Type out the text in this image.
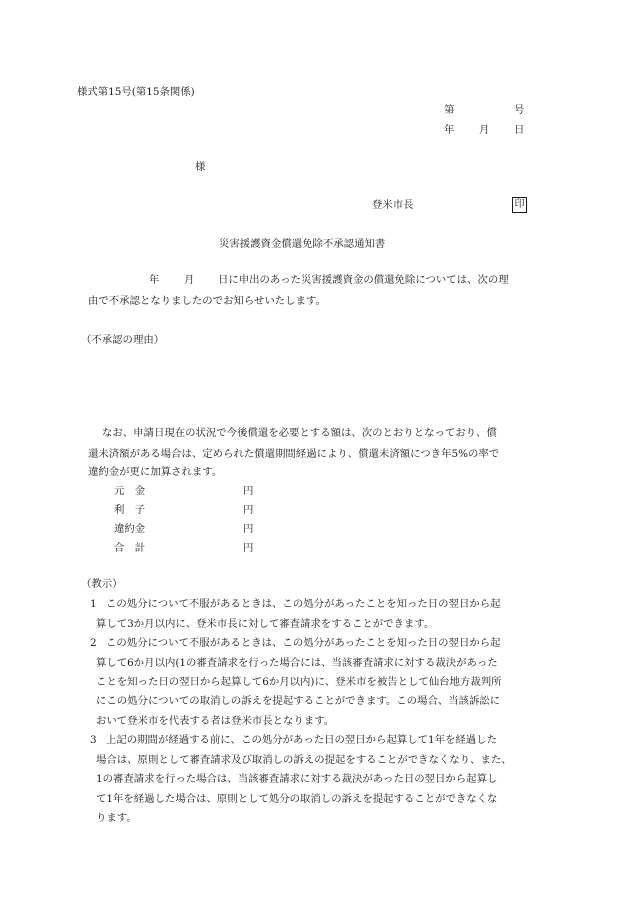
様式第15号(第15条関係)
第	号
年 月 日
様
登米市長	印
災害援護資金償還免除不承認通知書
年 月 日に申出のあった災害援護資金の償還免除については、次の理
由で不承認となりましたのでお知らせいたします。
（不承認の理由）
なお、申請日現在の状況で今後償還を必要とする額は、次のとおりとなっており、償
還未済額がある場合は、定められた償還期間経過により、償還未済額につき年5%の率で
違約金が更に加算されます。
元　金	円
利　子	円
違約金	円
合　計	円
（教示）
1 この処分について不服があるときは、この処分があったことを知った日の翌日から起
算して3か月以内に、登米市長に対して審査請求をすることができます。
2 この処分について不服があるときは、この処分があったことを知った日の翌日から起
算して6か月以内(1の審査請求を行った場合には、当該審査請求に対する裁決があった
ことを知った日の翌日から起算して6か月以内)に、登米市を被告として仙台地方裁判所
にこの処分についての取消しの訴えを提起することができます。この場合、当該訴訟に
おいて登米市を代表する者は登米市長となります。
3 上記の期間が経過する前に、この処分があった日の翌日から起算して1年を経過した
場合は、原則として審査請求及び取消しの訴えの提起をすることができなくなり、また、
1の審査請求を行った場合は、当該審査請求に対する裁決があった日の翌日から起算し
て1年を経過した場合は、原則として処分の取消しの訴えを提起することができなくな
ります。
